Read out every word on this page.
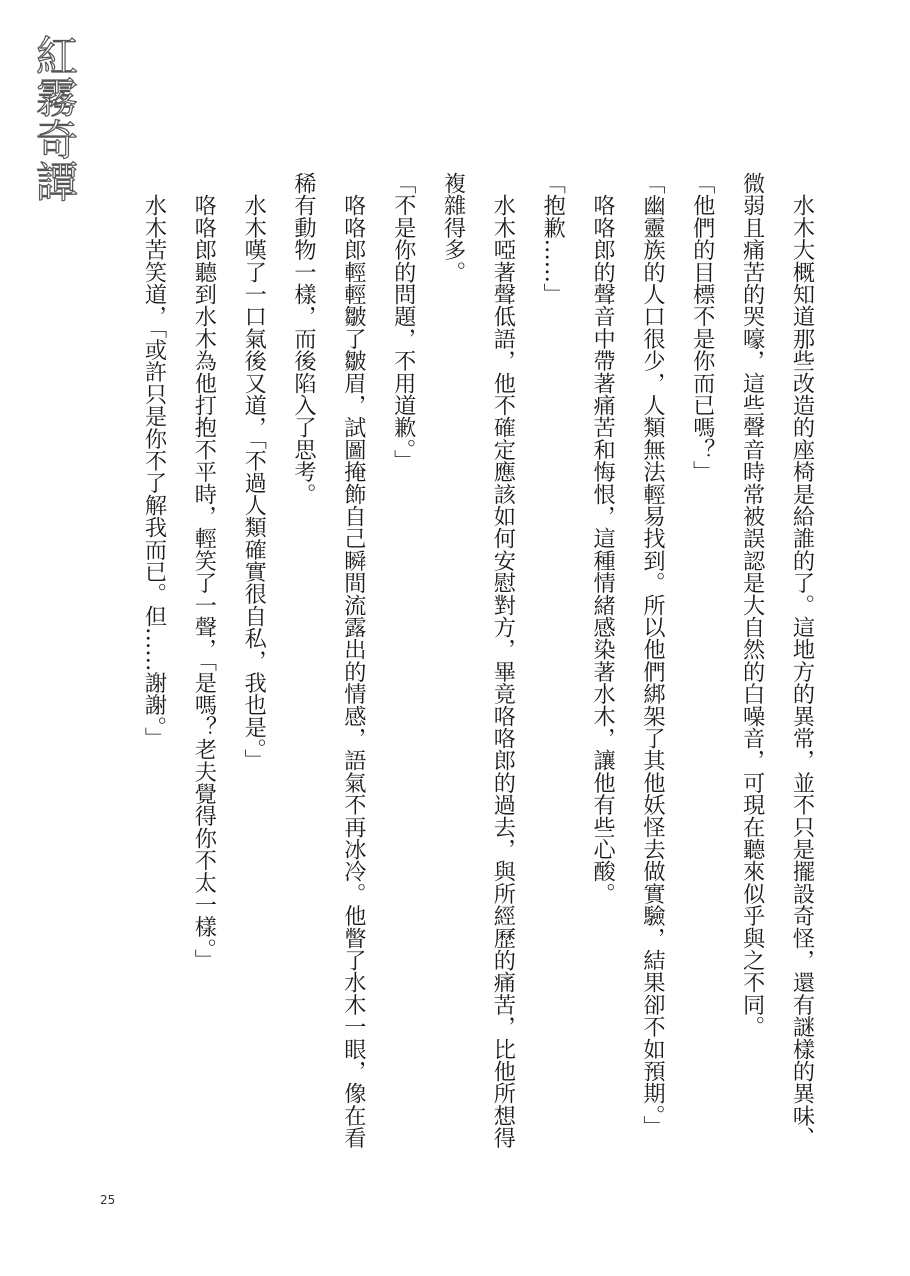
紅霧奇譚
　水木大概知道那些改造的座椅是給誰的了。這地方的異常，並不只是擺設奇怪，還有謎樣的異味、
微弱且痛苦的哭嚎，這些聲音時常被誤認是大自然的白噪音，可現在聽來似乎與之不同。
「他們的目標不是你而已嗎？」
「幽靈族的人口很少，人類無法輕易找到。所以他們綁架了其他妖怪去做實驗，結果卻不如預期。」
　咯咯郎的聲音中帶著痛苦和悔恨，這種情緒感染著水木，讓他有些心酸。
「抱歉……」
　水木啞著聲低語，他不確定應該如何安慰對方，畢竟咯咯郎的過去，與所經歷的痛苦，比他所想得
複雜得多。
「不是你的問題，不用道歉。」
　咯咯郎輕輕皺了皺眉，試圖掩飾自己瞬間流露出的情感，語氣不再冰冷。他瞥了水木一眼，像在看
稀有動物一樣，而後陷入了思考。
　水木嘆了一口氣後又道，「不過人類確實很自私，我也是。」
　咯咯郎聽到水木為他打抱不平時，輕笑了一聲，「是嗎？老夫覺得你不太一樣。」
　水木苦笑道，「或許只是你不了解我而已。但……謝謝。」
25
